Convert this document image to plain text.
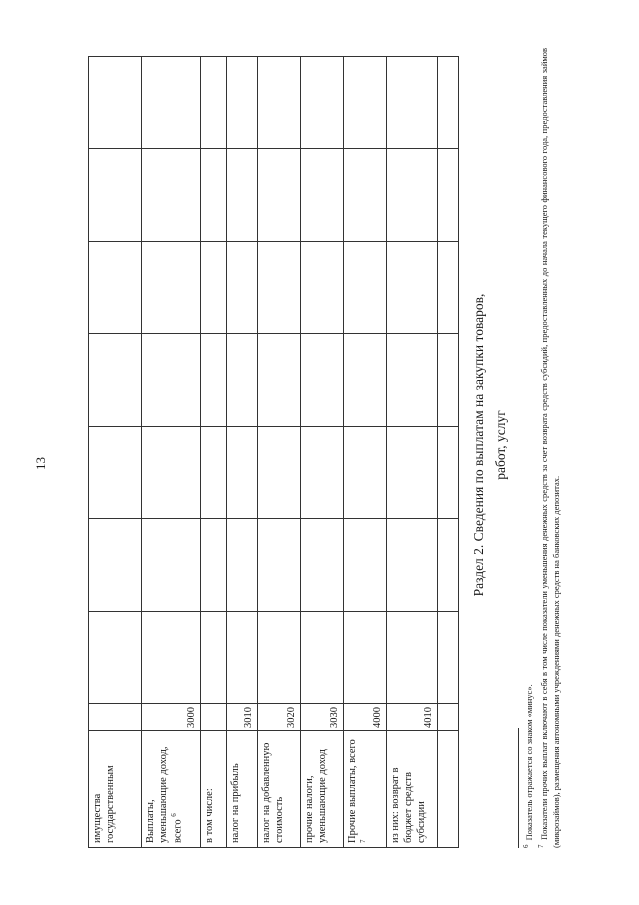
13
имущества государственным								
Выплаты, уменьшающие доход, всего $^6$	3000							
в том числе:								
налог на прибыль	3010							
налог на добавленную стоимость	3020							
прочие налоги, уменьшающие доход	3030							
Прочие выплаты, всего $^7$	4000							
из них: возврат в бюджет средств субсидии	4010							

Раздел 2. Сведения по выплатам на закупки товаров, работ, услуг

$^6$ Показатель отражается со знаком «минус».

$^7$ Показатели прочих выплат включают в себя в том числе показатели уменьшения денежных средств за счет возврата средств субсидий, предоставленных до начала текущего финансового года, предоставления займов (микрозаймов), размещения автономными учреждениями денежных средств на банковских депозитах.
